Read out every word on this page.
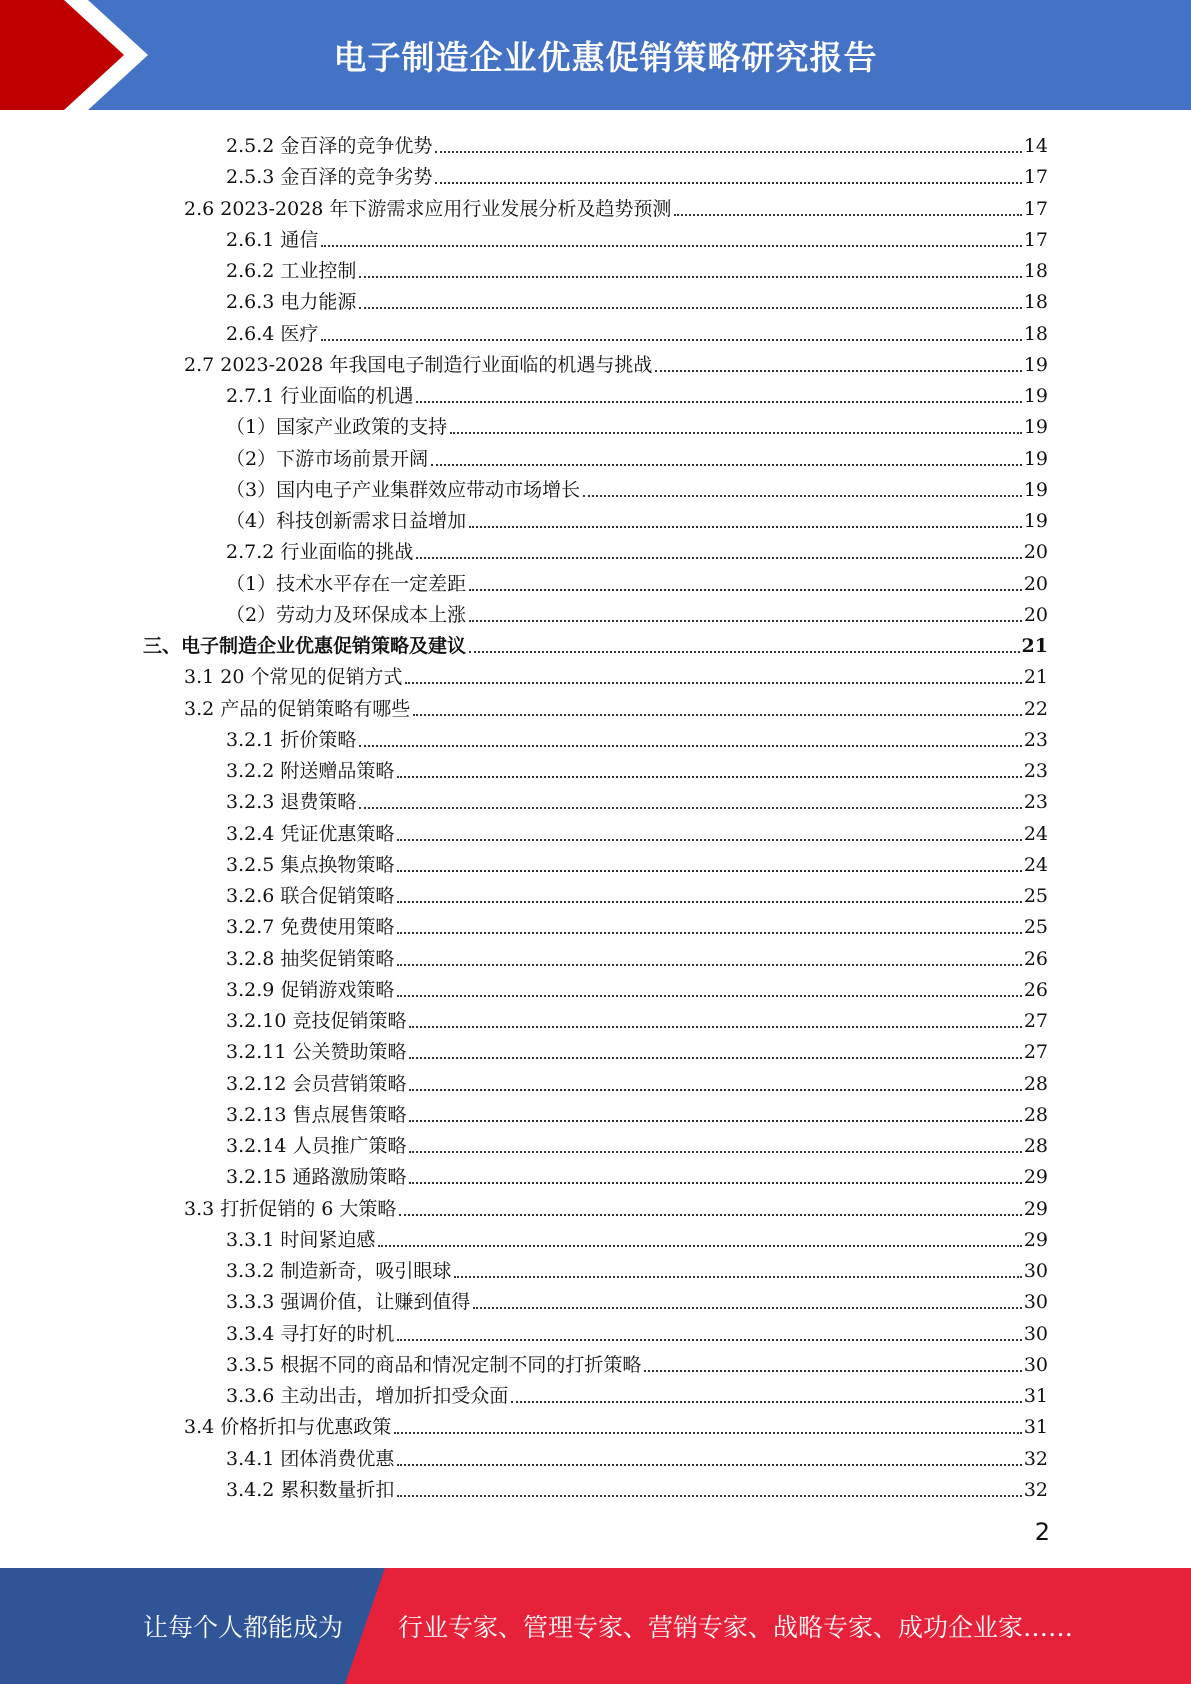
电子制造企业优惠促销策略研究报告
2.5.2 金百泽的竞争优势	14
2.5.3 金百泽的竞争劣势	17
2.6 2023-2028 年下游需求应用行业发展分析及趋势预测	17
2.6.1 通信	17
2.6.2 工业控制	18
2.6.3 电力能源	18
2.6.4 医疗	18
2.7 2023-2028 年我国电子制造行业面临的机遇与挑战	19
2.7.1 行业面临的机遇	19
（1）国家产业政策的支持	19
（2）下游市场前景开阔	19
（3）国内电子产业集群效应带动市场增长	19
（4）科技创新需求日益增加	19
2.7.2 行业面临的挑战	20
（1）技术水平存在一定差距	20
（2）劳动力及环保成本上涨	20
三、电子制造企业优惠促销策略及建议	21
3.1 20 个常见的促销方式	21
3.2 产品的促销策略有哪些	22
3.2.1 折价策略	23
3.2.2 附送赠品策略	23
3.2.3 退费策略	23
3.2.4 凭证优惠策略	24
3.2.5 集点换物策略	24
3.2.6 联合促销策略	25
3.2.7 免费使用策略	25
3.2.8 抽奖促销策略	26
3.2.9 促销游戏策略	26
3.2.10 竞技促销策略	27
3.2.11 公关赞助策略	27
3.2.12 会员营销策略	28
3.2.13 售点展售策略	28
3.2.14 人员推广策略	28
3.2.15 通路激励策略	29
3.3 打折促销的 6 大策略	29
3.3.1 时间紧迫感	29
3.3.2 制造新奇，吸引眼球	30
3.3.3 强调价值，让赚到值得	30
3.3.4 寻打好的时机	30
3.3.5 根据不同的商品和情况定制不同的打折策略	30
3.3.6 主动出击，增加折扣受众面	31
3.4 价格折扣与优惠政策	31
3.4.1 团体消费优惠	32
3.4.2 累积数量折扣	32
2
让每个人都能成为 行业专家、管理专家、营销专家、战略专家、成功企业家……
